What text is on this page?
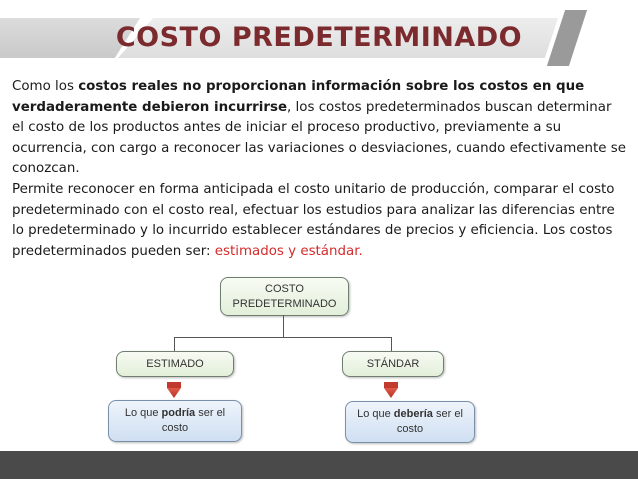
COSTO PREDETERMINADO
Como los costos reales no proporcionan información sobre los costos en que verdaderamente debieron incurrirse, los costos predeterminados buscan determinar el costo de los productos antes de iniciar el proceso productivo, previamente a su ocurrencia, con cargo a reconocer las variaciones o desviaciones, cuando efectivamente se conozcan.
Permite reconocer en forma anticipada el costo unitario de producción, comparar el costo predeterminado con el costo real, efectuar los estudios para analizar las diferencias entre lo predeterminado y lo incurrido establecer estándares de precios y eficiencia. Los costos predeterminados pueden ser: estimados y estándar.
COSTO
PREDETERMINADO
ESTIMADO	STÁNDAR
Lo que podría ser el
costo
Lo que debería ser el
costo
